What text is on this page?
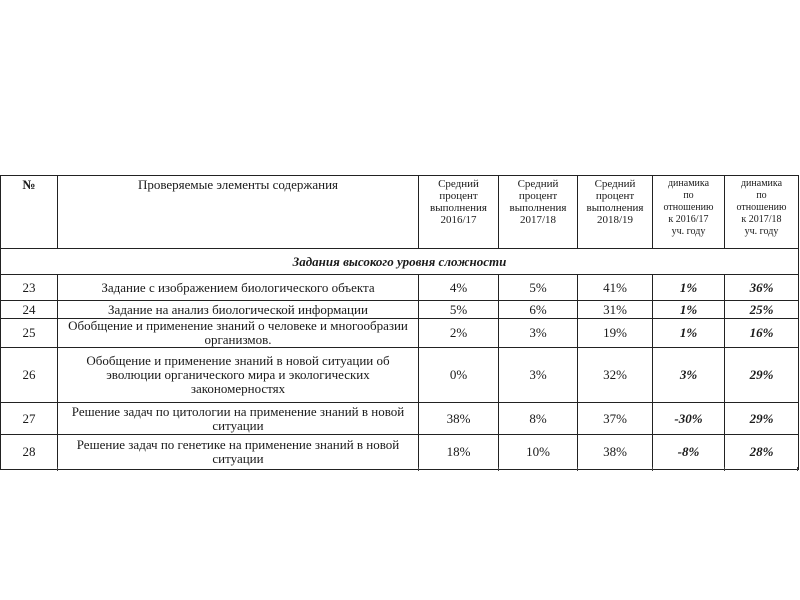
№	Проверяемые элементы содержания	Средний
процент
выполнения
2016/17	Средний
процент
выполнения
2017/18	Средний
процент
выполнения
2018/19	динамика
по
отношению
к 2016/17
уч. году	динамика
по
отношению
к 2017/18
уч. году
Задания высокого уровня сложности						
23	Задание с изображением биологического объекта	4%	5%	41%	1%	36%
24	Задание на анализ биологической информации	5%	6%	31%	1%	25%
25	Обобщение и применение знаний о человеке и многообразии организмов.	2%	3%	19%	1%	16%
26	Обобщение и применение знаний в новой ситуации об эволюции органического мира и экологических закономерностях	0%	3%	32%	3%	29%
27	Решение задач по цитологии на применение знаний в новой ситуации	38%	8%	37%	-30%	29%
28	Решение задач по генетике на применение знаний в новой ситуации	18%	10%	38%	-8%	28%
